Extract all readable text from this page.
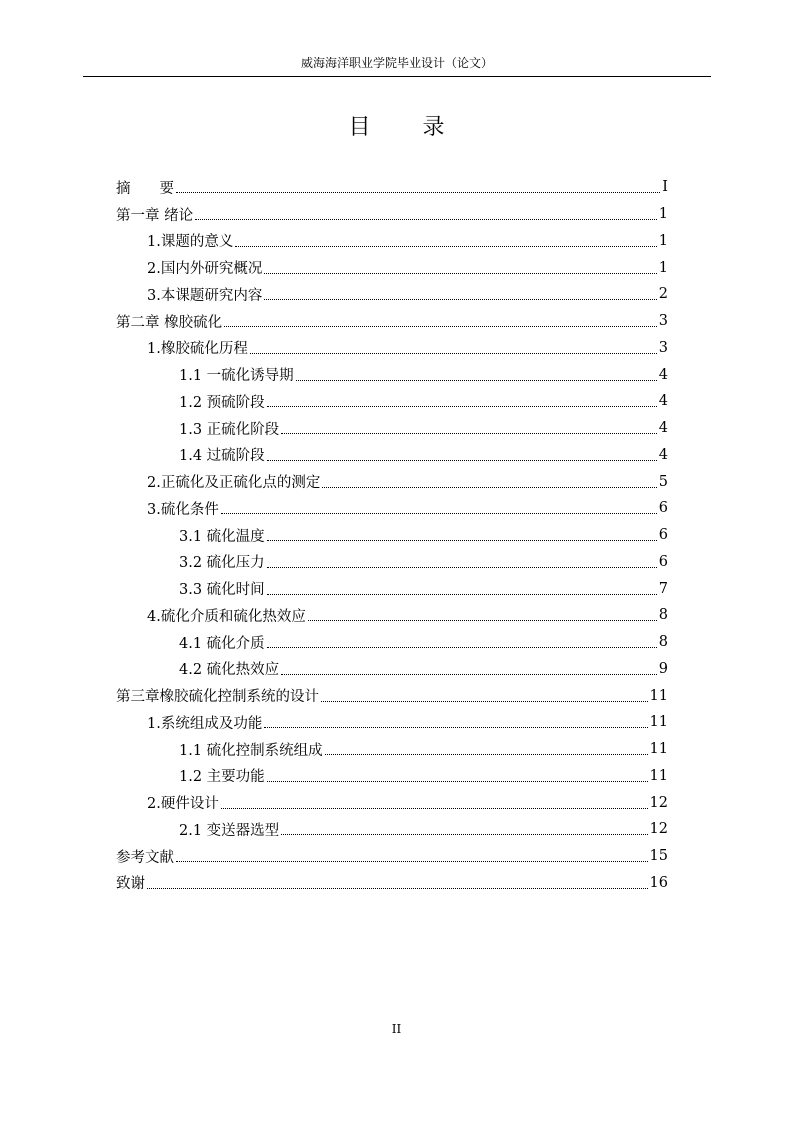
威海海洋职业学院毕业设计（论文）
目 录
摘　　要	I
第一章 绪论	1
1.课题的意义	1
2.国内外研究概况	1
3.本课题研究内容	2
第二章 橡胶硫化	3
1.橡胶硫化历程	3
1.1 一硫化诱导期	4
1.2 预硫阶段	4
1.3 正硫化阶段	4
1.4 过硫阶段	4
2.正硫化及正硫化点的测定	5
3.硫化条件	6
3.1 硫化温度	6
3.2 硫化压力	6
3.3 硫化时间	7
4.硫化介质和硫化热效应	8
4.1 硫化介质	8
4.2 硫化热效应	9
第三章橡胶硫化控制系统的设计	11
1.系统组成及功能	11
1.1 硫化控制系统组成	11
1.2 主要功能	11
2.硬件设计	12
2.1 变送器选型	12
参考文献	15
致谢	16
II
